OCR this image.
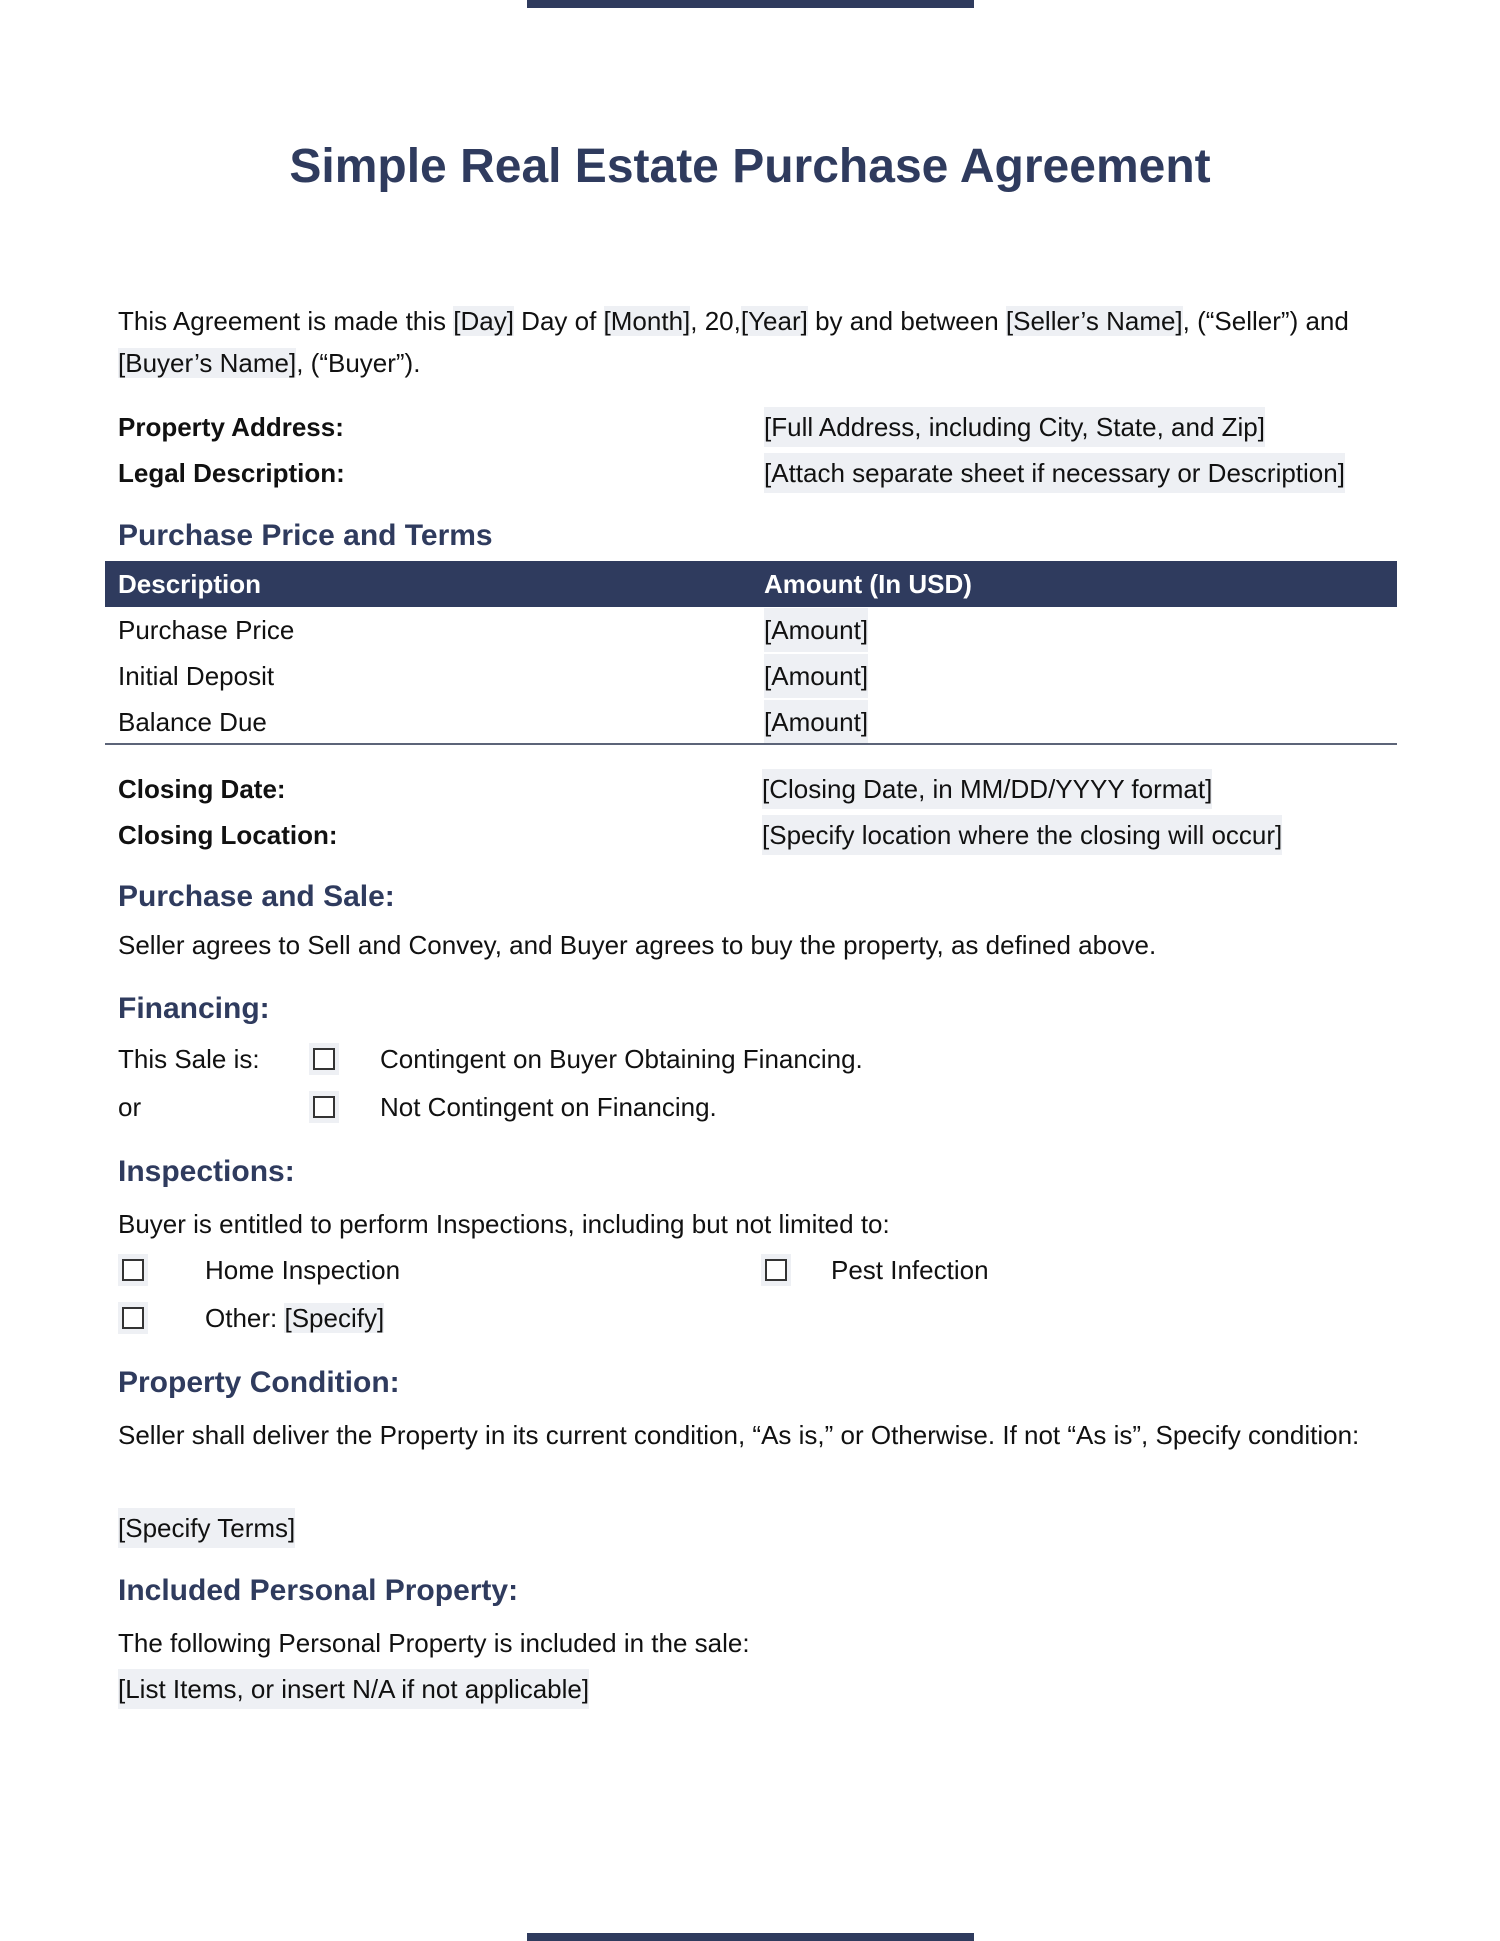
Simple Real Estate Purchase Agreement
This Agreement is made this [Day] Day of [Month], 20,[Year] by and between [Seller’s Name], (“Seller”) and [Buyer’s Name], (“Buyer”).
Property Address:	[Full Address, including City, State, and Zip]
Legal Description:	[Attach separate sheet if necessary or Description]
Purchase Price and Terms
Description	Amount (In USD)
Purchase Price	[Amount]
Initial Deposit	[Amount]
Balance Due	[Amount]
Closing Date:	[Closing Date, in MM/DD/YYYY format]
Closing Location:	[Specify location where the closing will occur]
Purchase and Sale:
Seller agrees to Sell and Convey, and Buyer agrees to buy the property, as defined above.
Financing:
This Sale is:	Contingent on Buyer Obtaining Financing.
or	Not Contingent on Financing.
Inspections:
Buyer is entitled to perform Inspections, including but not limited to:
Home Inspection	Pest Infection
Other: [Specify]
Property Condition:
Seller shall deliver the Property in its current condition, “As is,” or Otherwise. If not “As is”, Specify condition:
[Specify Terms]
Included Personal Property:
The following Personal Property is included in the sale:
[List Items, or insert N/A if not applicable]
